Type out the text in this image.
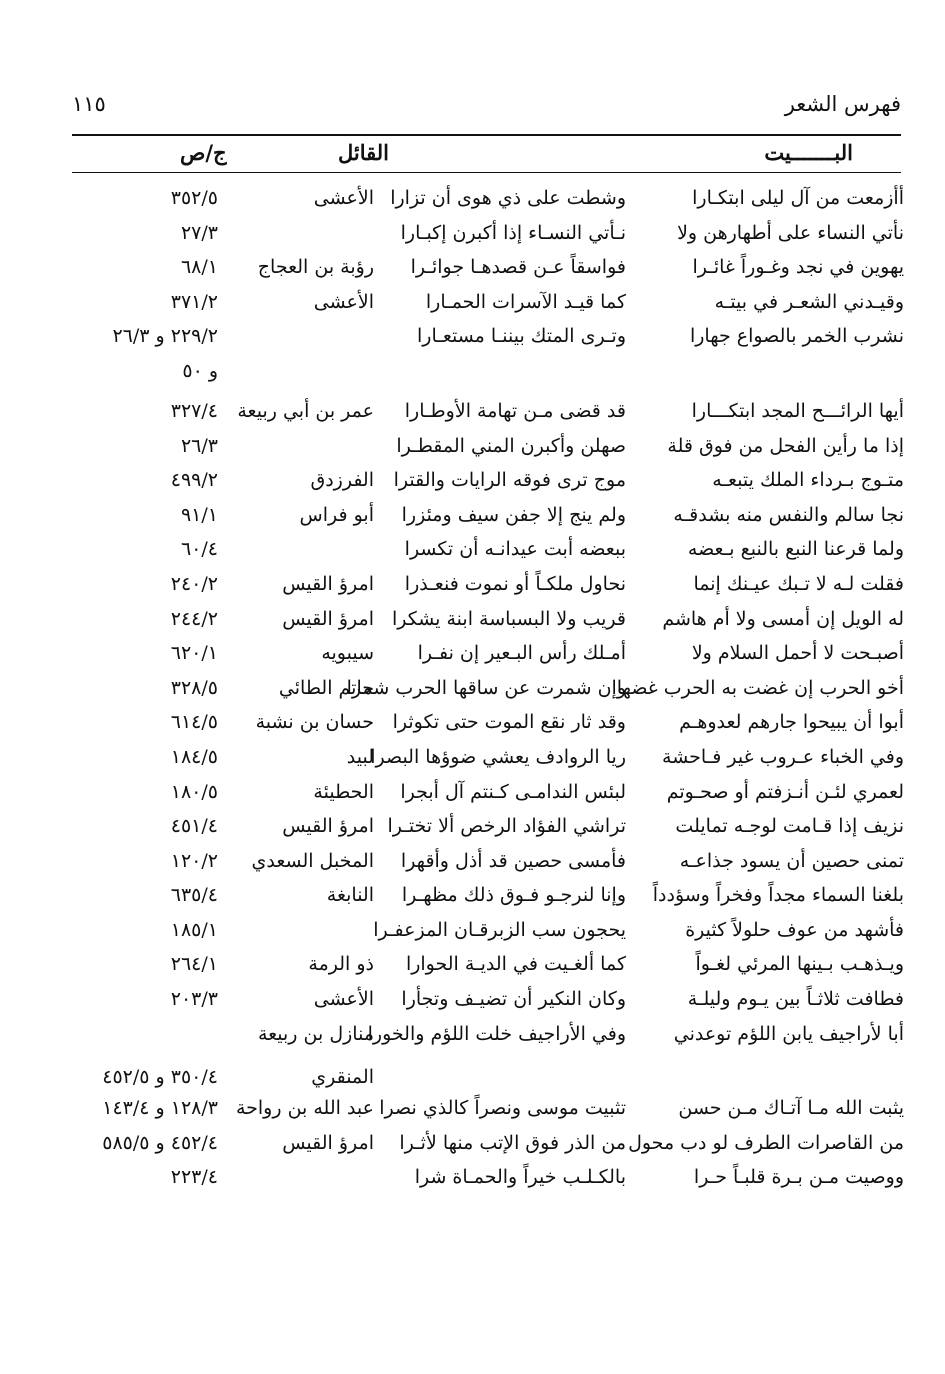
فهرس الشعر
١١٥
البـــــــيت
القائل
ج/ص
أأزمعت من آل ليلى ابتكـارا
وشطت على ذي هوى أن تزارا
الأعشى
٣٥٢/٥
نأتي النساء على أطهارهن ولا
نـأتي النسـاء إذا أكبرن إكبـارا
٢٧/٣
يهوين في نجد وغـوراً غائـرا
فواسقاً عـن قصدهـا جوائـرا
رؤبة بن العجاج
٦٨/١
وقيـدني الشعـر في بيتـه
كما قيـد الآسرات الحمـارا
الأعشى
٣٧١/٢
نشرب الخمر بالصواع جهارا
وتـرى المتك بيننـا مستعـارا
٢٢٩/٢ و ٢٦/٣
و ٥٠
أيها الرائـــح المجد ابتكـــارا
قد قضى مـن تهامة الأوطـارا
عمر بن أبي ربيعة
٣٢٧/٤
إذا ما رأين الفحل من فوق قلة
صهلن وأكبرن المني المقطـرا
٢٦/٣
متـوج بـرداء الملك يتبعـه
موج ترى فوقه الرايات والقترا
الفرزدق
٤٩٩/٢
نجا سالم والنفس منه بشدقـه
ولم ينج إلا جفن سيف ومئزرا
أبو فراس
٩١/١
ولما قرعنا النبع بالنبع بـعضه
ببعضه أبت عيدانـه أن تكسرا
٦٠/٤
فقلت لـه لا تـبك عيـنك إنما
نحاول ملكـاً أو نموت فنعـذرا
امرؤ القيس
٢٤٠/٢
له الويل إن أمسى ولا أم هاشم
قريب ولا البسباسة ابنة يشكرا
امرؤ القيس
٢٤٤/٢
أصبـحت لا أحمل السلام ولا
أمـلك رأس البـعير إن نفـرا
سيبويه
٦٢٠/١
أخو الحرب إن غضت به الحرب غضها
وإن شمرت عن ساقها الحرب شمرا
حاتم الطائي
٣٢٨/٥
أبوا أن يبيحوا جارهم لعدوهـم
وقد ثار نقع الموت حتى تكوثرا
حسان بن نشبة
٦١٤/٥
وفي الخباء عـروب غير فـاحشة
ريا الروادف يعشي ضوؤها البصرا
لبيد
١٨٤/٥
لعمري لئـن أنـزفتم أو صحـوتم
لبئس الندامـى كـنتم آل أبجرا
الحطيئة
١٨٠/٥
نزيف إذا قـامت لوجـه تمايلت
تراشي الفؤاد الرخص ألا تختـرا
امرؤ القيس
٤٥١/٤
تمنى حصين أن يسود جذاعـه
فأمسى حصين قد أذل وأقهرا
المخبل السعدي
١٢٠/٢
بلغنا السماء مجداً وفخراً وسؤدداً
وإنا لنرجـو فـوق ذلك مظهـرا
النابغة
٦٣٥/٤
فأشهد من عوف حلولاً كثيرة
يحجون سب الزبرقـان المزعفـرا
١٨٥/١
ويـذهـب بـينها المرئي لغـواً
كما ألغـيت في الديـة الحوارا
ذو الرمة
٢٦٤/١
فطافت ثلاثـاً بين يـوم وليلـة
وكان النكير أن تضيـف وتجأرا
الأعشى
٢٠٣/٣
أبا لأراجيف يابن اللؤم توعدني
وفي الأراجيف خلت اللؤم والخورا
منازل بن ربيعة
المنقري
٣٥٠/٤ و ٤٥٢/٥
يثبت الله مـا آتـاك مـن حسن
تثبيت موسى ونصراً كالذي نصرا
عبد الله بن رواحة
١٢٨/٣ و ١٤٣/٤
من القاصرات الطرف لو دب محول
من الذر فوق الإتب منها لأثـرا
امرؤ القيس
٤٥٢/٤ و ٥٨٥/٥
ووصيت مـن بـرة قلبـاً حـرا
بالكـلـب خيراً والحمـاة شرا
٢٢٣/٤
